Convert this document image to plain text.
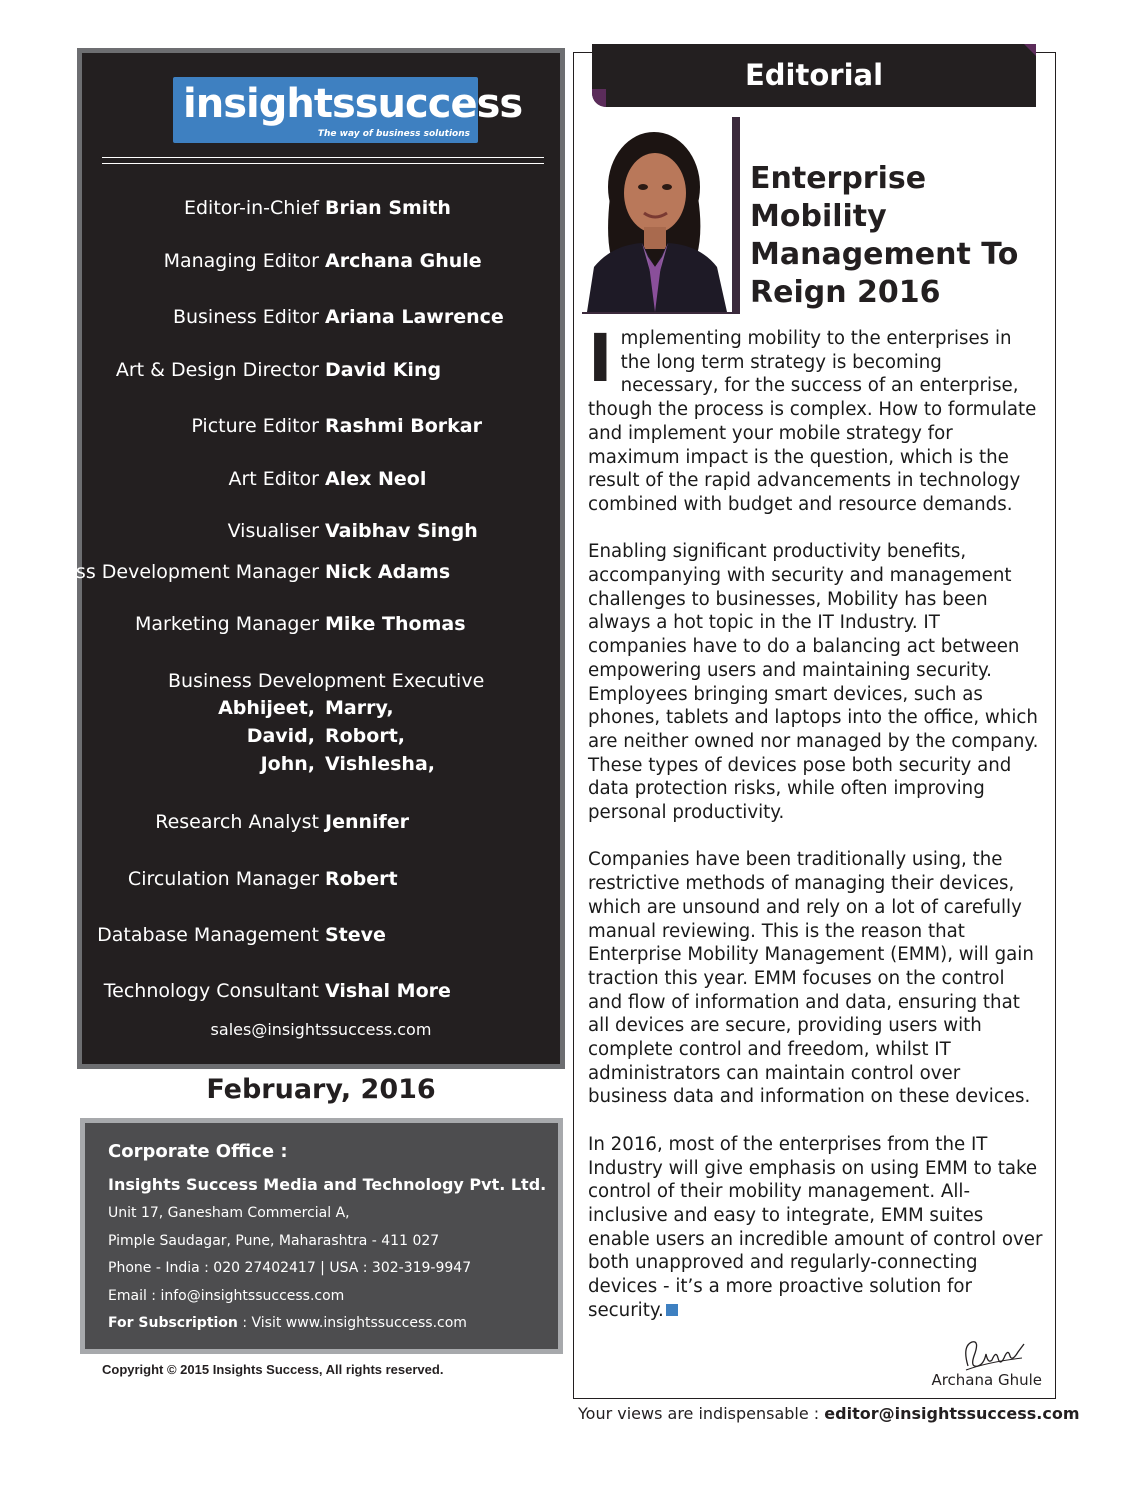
insightssuccess
The way of business solutions
Editor-in-Chief Brian Smith
Managing Editor Archana Ghule
Business Editor Ariana Lawrence
Art & Design Director David King
Picture Editor Rashmi Borkar
Art Editor Alex Neol
Visualiser Vaibhav Singh
Business Development Manager Nick Adams
Marketing Manager Mike Thomas
Business Development Executive
Abhijeet, Marry,
David, Robort,
John, Vishlesha,
Research Analyst Jennifer
Circulation Manager Robert
Database Management Steve
Technology Consultant Vishal More
sales@insightssuccess.com
February, 2016
Corporate Office :
Insights Success Media and Technology Pvt. Ltd.
Unit 17, Ganesham Commercial A,
Pimple Saudagar, Pune, Maharashtra - 411 027
Phone - India : 020 27402417 | USA : 302-319-9947
Email : info@insightssuccess.com
For Subscription : Visit www.insightssuccess.com
Copyright © 2015 Insights Success, All rights reserved.
Editorial
Enterprise Mobility
Management To
Reign 2016

Implementing mobility to the enterprises in the long term strategy is becoming necessary, for the success of an enterprise, though the process is complex. How to formulate and implement your mobile strategy for maximum impact is the question, which is the result of the rapid advancements in technology combined with budget and resource demands.

Enabling significant productivity benefits, accompanying with security and management challenges to businesses, Mobility has been always a hot topic in the IT Industry. IT companies have to do a balancing act between empowering users and maintaining security. Employees bringing smart devices, such as phones, tablets and laptops into the office, which are neither owned nor managed by the company. These types of devices pose both security and data protection risks, while often improving personal productivity.

Companies have been traditionally using, the restrictive methods of managing their devices, which are unsound and rely on a lot of carefully manual reviewing. This is the reason that Enterprise Mobility Management (EMM), will gain traction this year. EMM focuses on the control and flow of information and data, ensuring that all devices are secure, providing users with complete control and freedom, whilst IT administrators can maintain control over business data and information on these devices.

In 2016, most of the enterprises from the IT Industry will give emphasis on using EMM to take control of their mobility management. All-inclusive and easy to integrate, EMM suites enable users an incredible amount of control over both unapproved and regularly-connecting devices - it’s a more proactive solution for security.

Archana Ghule
Your views are indispensable : editor@insightssuccess.com
